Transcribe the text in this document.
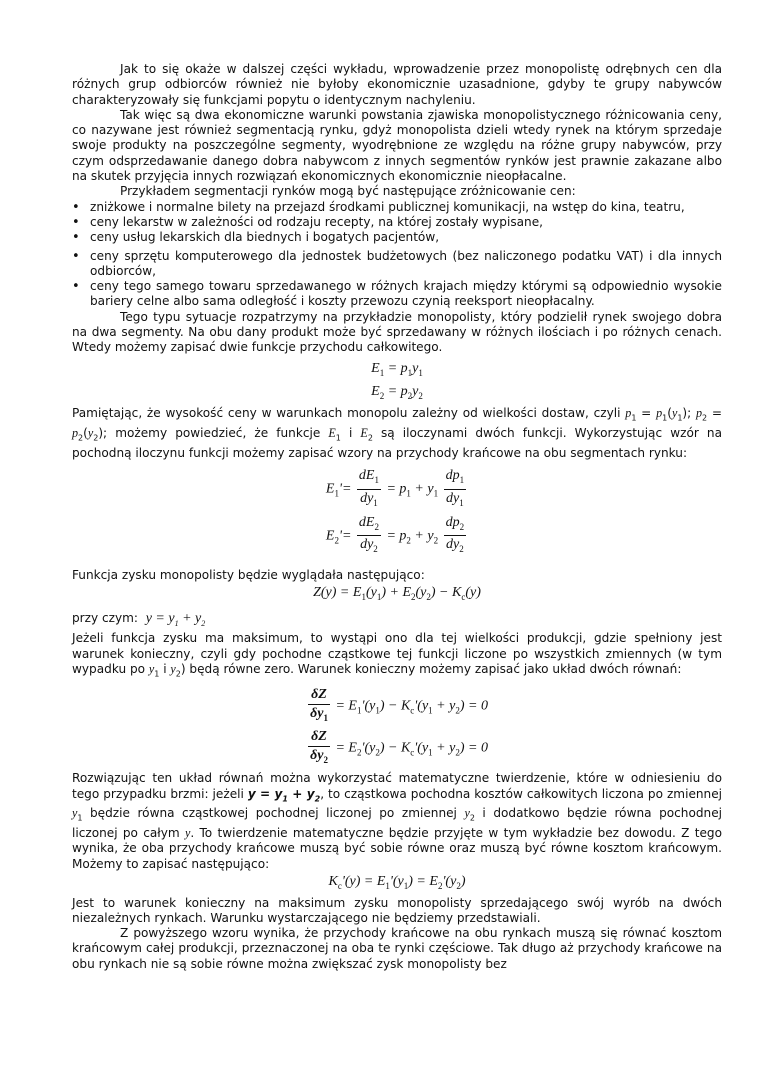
Jak to się okaże w dalszej części wykładu, wprowadzenie przez monopolistę odrębnych cen dla różnych grup odbiorców również nie byłoby ekonomicznie uzasadnione, gdyby te grupy nabywców charakteryzowały się funkcjami popytu o identycznym nachyleniu.

Tak więc są dwa ekonomiczne warunki powstania zjawiska monopolistycznego różnicowania ceny, co nazywane jest również segmentacją rynku, gdyż monopolista dzieli wtedy rynek na którym sprzedaje swoje produkty na poszczególne segmenty, wyodrębnione ze względu na różne grupy nabywców, przy czym odsprzedawanie danego dobra nabywcom z innych segmentów rynków jest prawnie zakazane albo na skutek przyjęcia innych rozwiązań ekonomicznych ekonomicznie nieopłacalne.

Przykładem segmentacji rynków mogą być następujące zróżnicowanie cen:

• zniżkowe i normalne bilety na przejazd środkami publicznej komunikacji, na wstęp do kina, teatru,
• ceny lekarstw w zależności od rodzaju recepty, na której zostały wypisane,
• ceny usług lekarskich dla biednych i bogatych pacjentów,
• ceny sprzętu komputerowego dla jednostek budżetowych (bez naliczonego podatku VAT) i dla innych odbiorców,
• ceny tego samego towaru sprzedawanego w różnych krajach między którymi są odpowiednio wysokie bariery celne albo sama odległość i koszty przewozu czynią reeksport nieopłacalny.

Tego typu sytuacje rozpatrzymy na przykładzie monopolisty, który podzielił rynek swojego dobra na dwa segmenty. Na obu dany produkt może być sprzedawany w różnych ilościach i po różnych cenach. Wtedy możemy zapisać dwie funkcje przychodu całkowitego.

$E_1 = p_1y_1$
$E_2 = p_2y_2$

Pamiętając, że wysokość ceny w warunkach monopolu zależny od wielkości dostaw, czyli $p_1 = p_1(y_1)$; $p_2 = p_2(y_2)$; możemy powiedzieć, że funkcje $E_1$ i $E_2$ są iloczynami dwóch funkcji. Wykorzystując wzór na pochodną iloczynu funkcji możemy zapisać wzory na przychody krańcowe na obu segmentach rynku:

$E_1'= \frac{dE_1}{dy_1} = p_1 + y_1 \frac{dp_1}{dy_1}$
$E_2'= \frac{dE_2}{dy_2} = p_2 + y_2 \frac{dp_2}{dy_2}$

Funkcja zysku monopolisty będzie wyglądała następująco:

$Z(y) = E_1(y_1) + E_2(y_2) - K_c(y)$

przy czym: $y = y_1 + y_2$

Jeżeli funkcja zysku ma maksimum, to wystąpi ono dla tej wielkości produkcji, gdzie spełniony jest warunek konieczny, czyli gdy pochodne cząstkowe tej funkcji liczone po wszystkich zmiennych (w tym wypadku po $y_1$ i $y_2$) będą równe zero. Warunek konieczny możemy zapisać jako układ dwóch równań:

$\frac{\delta Z}{\delta y_1} = E_1'(y_1) - K_c'(y_1 + y_2) = 0$
$\frac{\delta Z}{\delta y_2} = E_2'(y_2) - K_c'(y_1 + y_2) = 0$

Rozwiązując ten układ równań można wykorzystać matematyczne twierdzenie, które w odniesieniu do tego przypadku brzmi: jeżeli $y = y_1 + y_2$, to cząstkowa pochodna kosztów całkowitych liczona po zmiennej $y_1$ będzie równa cząstkowej pochodnej liczonej po zmiennej $y_2$ i dodatkowo będzie równa pochodnej liczonej po całym y. To twierdzenie matematyczne będzie przyjęte w tym wykładzie bez dowodu. Z tego wynika, że oba przychody krańcowe muszą być sobie równe oraz muszą być równe kosztom krańcowym. Możemy to zapisać następująco:

$K_c'(y) = E_1'(y_1) = E_2'(y_2)$

Jest to warunek konieczny na maksimum zysku monopolisty sprzedającego swój wyrób na dwóch niezależnych rynkach. Warunku wystarczającego nie będziemy przedstawiali.

Z powyższego wzoru wynika, że przychody krańcowe na obu rynkach muszą się równać kosztom krańcowym całej produkcji, przeznaczonej na oba te rynki częściowe. Tak długo aż przychody krańcowe na obu rynkach nie są sobie równe można zwiększać zysk monopolisty bez
